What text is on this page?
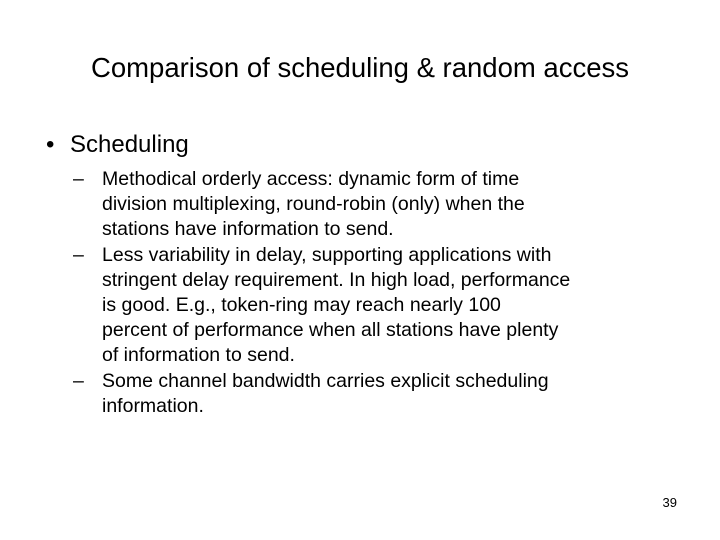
Comparison of scheduling & random access
• Scheduling
– Methodical orderly access: dynamic form of time
division multiplexing, round-robin (only) when the
stations have information to send.
– Less variability in delay, supporting applications with
stringent delay requirement. In high load, performance
is good. E.g., token-ring may reach nearly 100
percent of performance when all stations have plenty
of information to send.
– Some channel bandwidth carries explicit scheduling
information.
39
